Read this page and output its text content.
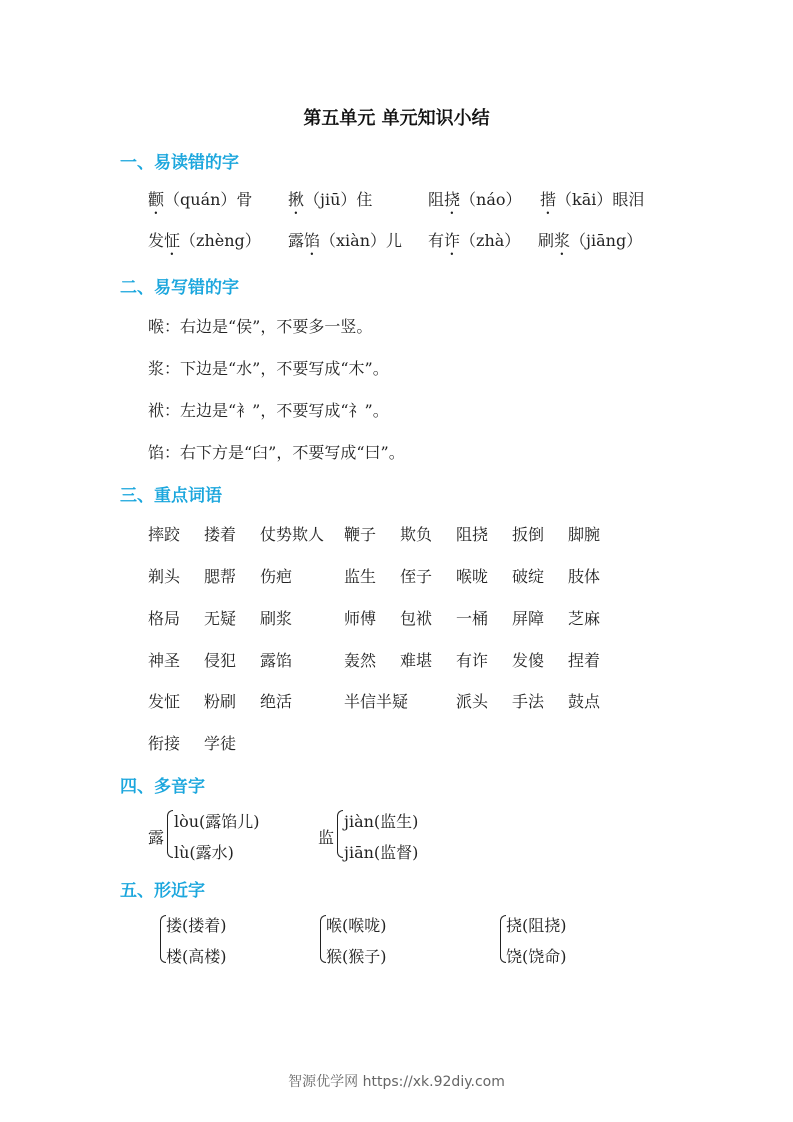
第五单元 单元知识小结
一、易读错的字
颧（quán）骨 揪（jiū）住	阻挠（náo） 揩（kāi）眼泪
发怔（zhèng） 露馅（xiàn）儿 有诈（zhà） 刷浆（jiāng）
二、易写错的字
喉：右边是“侯”，不要多一竖。
浆：下边是“水”，不要写成“木”。
袱：左边是“衤”，不要写成“礻”。
馅：右下方是“臼”，不要写成“曰”。
三、重点词语
摔跤 搂着 仗势欺人 鞭子 欺负 阻挠 扳倒 脚腕
剃头 腮帮 伤疤	监生 侄子 喉咙 破绽 肢体
格局 无疑 刷浆	师傅 包袱 一桶 屏障 芝麻
神圣 侵犯 露馅	轰然 难堪 有诈 发傻 捏着
发怔 粉刷 绝活	半信半疑	派头 手法 鼓点
衔接 学徒
四、多音字
露
lòu(露馅儿)
lù(露水)
监
jiàn(监生)
jiān(监督)
五、形近字
搂(搂着)
楼(高楼)
喉(喉咙)
猴(猴子)
挠(阻挠)
饶(饶命)
智源优学网 https://xk.92diy.com
